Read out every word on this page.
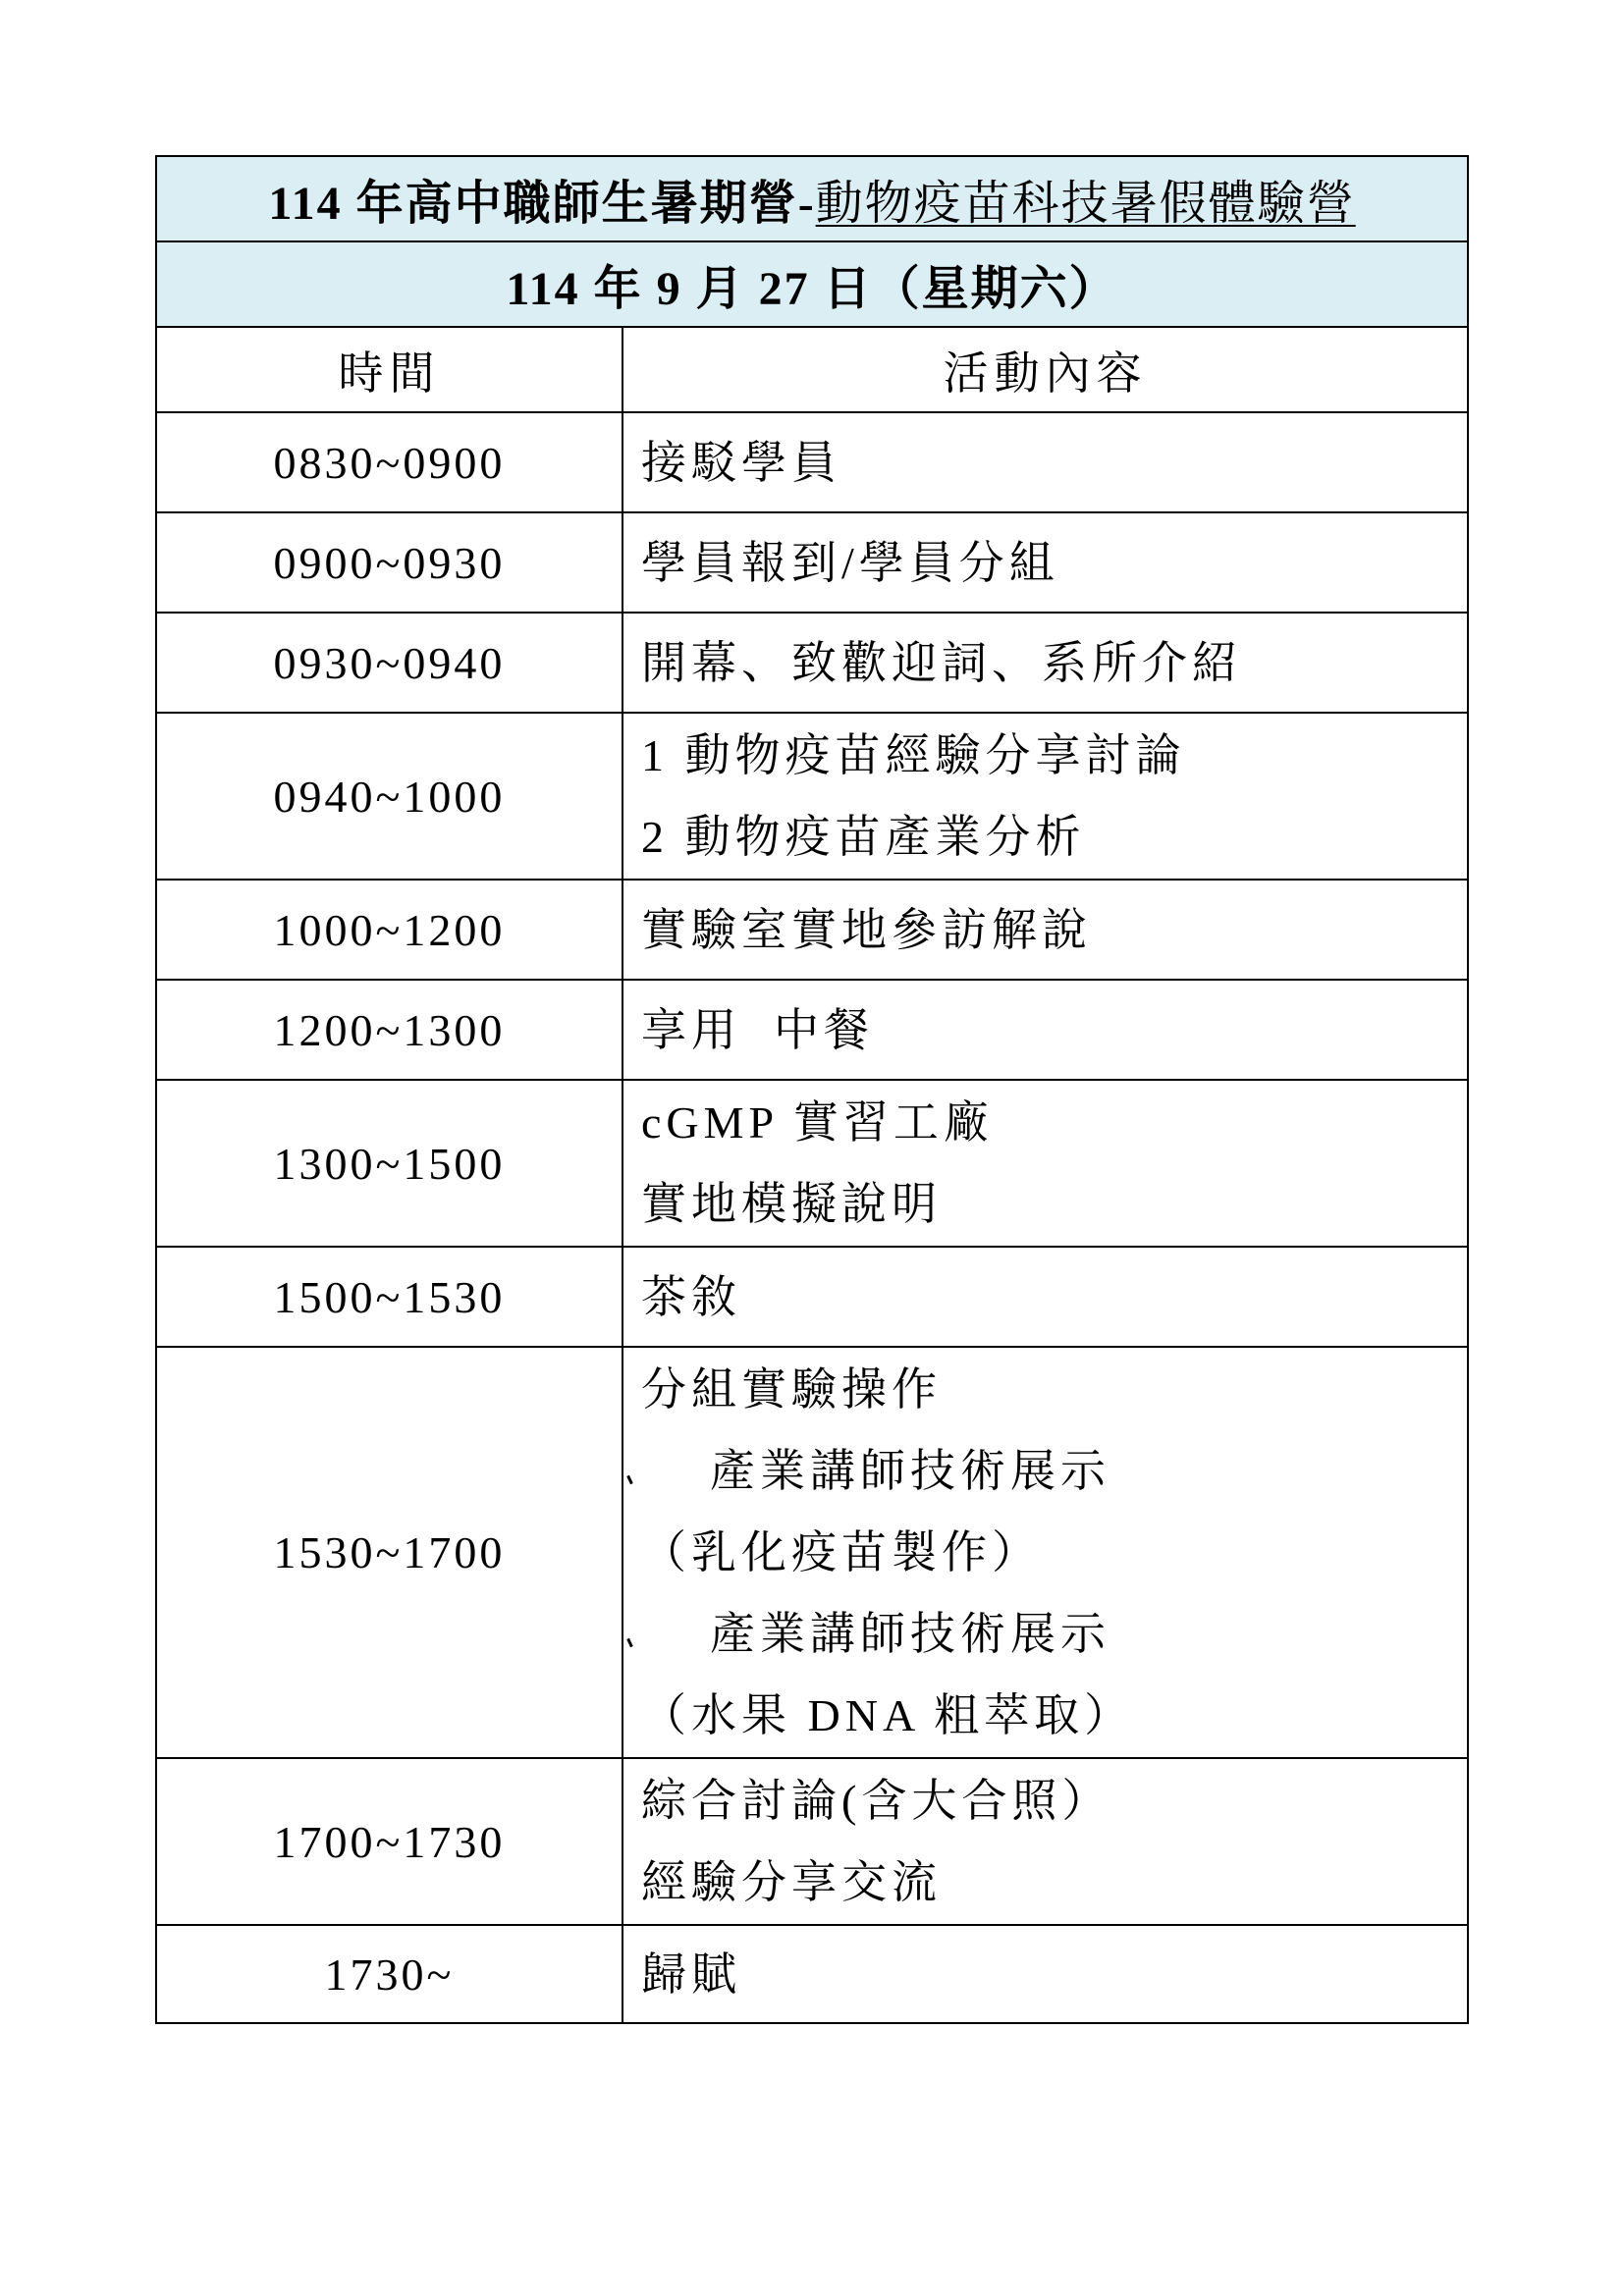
114 年高中職師生暑期營-動物疫苗科技暑假體驗營	
114 年 9 月 27 日（星期六）	
時間	活動內容
0830~0900	接駁學員

0900~0930	學員報到/學員分組

0930~0940	開幕、致歡迎詞、系所介紹

0940~1000	1 動物疫苗經驗分享討論
2 動物疫苗產業分析

1000~1200	實驗室實地參訪解說

1200~1300	享用  中餐

1300~1500	cGMP 實習工廠
實地模擬說明

1500~1530	茶敘

1530~1700	分組實驗操作
產業講師技術展示
（乳化疫苗製作）
產業講師技術展示
（水果 DNA 粗萃取）

1700~1730	綜合討論(含大合照）
經驗分享交流

1730~	歸賦
